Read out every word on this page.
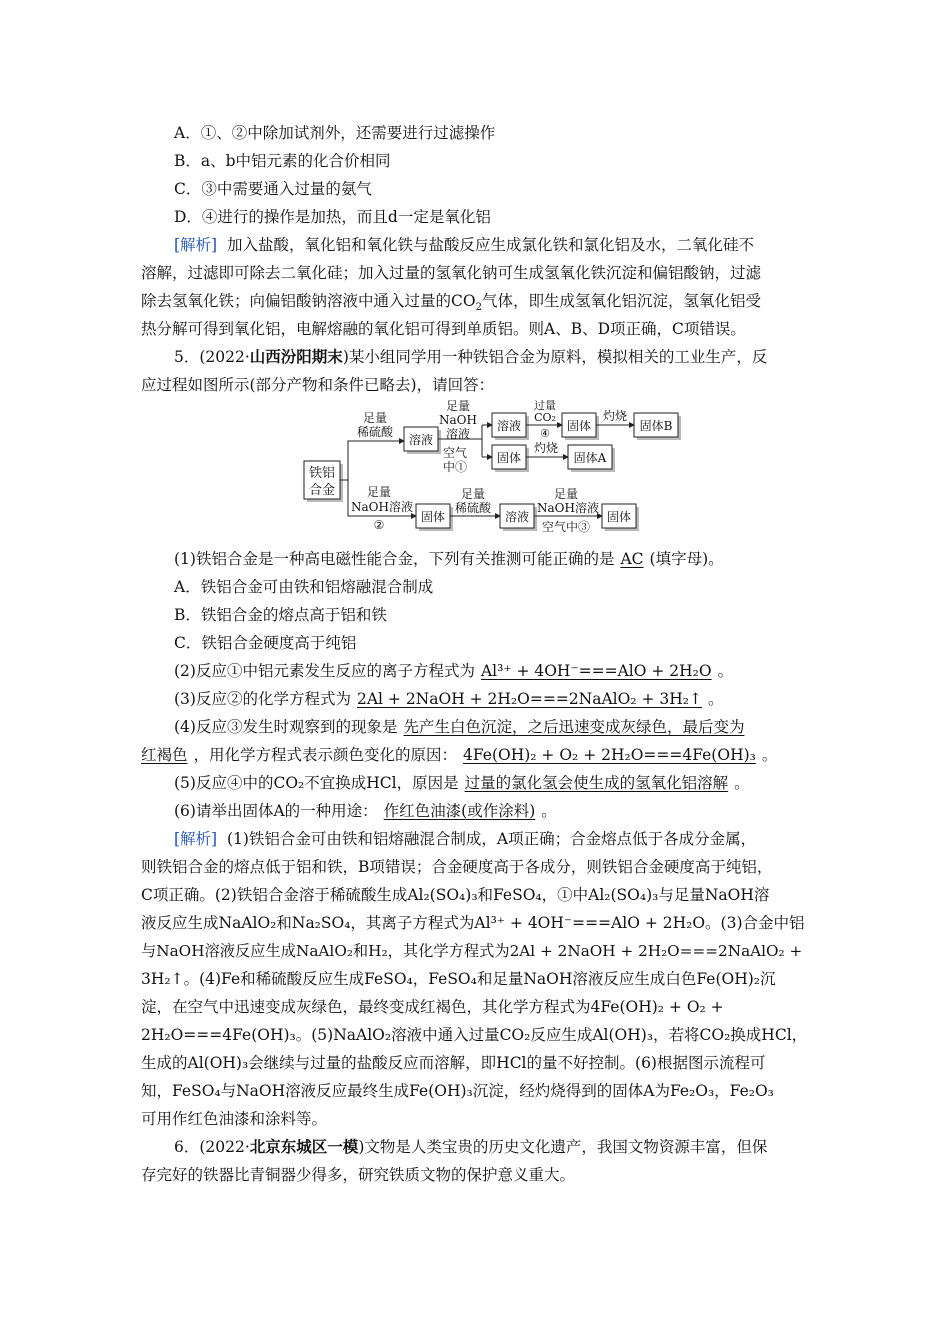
A．①、②中除加试剂外，还需要进行过滤操作
B．a、b中铝元素的化合价相同
C．③中需要通入过量的氨气
D．④进行的操作是加热，而且d一定是氧化铝
[解析] 加入盐酸，氧化铝和氧化铁与盐酸反应生成氯化铁和氯化铝及水，二氧化硅不
溶解，过滤即可除去二氧化硅；加入过量的氢氧化钠可生成氢氧化铁沉淀和偏铝酸钠，过滤
除去氢氧化铁；向偏铝酸钠溶液中通入过量的$CO_2$气体，即生成氢氧化铝沉淀，氢氧化铝受
热分解可得到氧化铝，电解熔融的氧化铝可得到单质铝。则A、B、D项正确，C项错误。
5．(2022·山西汾阳期末)某小组同学用一种铁铝合金为原料，模拟相关的工业生产，反
应过程如图所示(部分产物和条件已略去)，请回答：
铁铝
合金
足量
稀硫酸
溶液
足量
NaOH
溶液
空气
中①
溶液
固体
过量
CO₂
④
固体
灼烧
固体B
灼烧
固体A
足量
NaOH溶液
②
固体
足量
稀硫酸
溶液
足量
NaOH溶液
空气中③
固体
(1)铁铝合金是一种高电磁性能合金，下列有关推测可能正确的是 AC (填字母)。
A．铁铝合金可由铁和铝熔融混合制成
B．铁铝合金的熔点高于铝和铁
C．铁铝合金硬度高于纯铝
(2)反应①中铝元素发生反应的离子方程式为 Al³⁺ + 4OH⁻===AlO + 2H₂O 。
(3)反应②的化学方程式为 2Al + 2NaOH + 2H₂O===2NaAlO₂ + 3H₂↑ 。
(4)反应③发生时观察到的现象是 先产生白色沉淀，之后迅速变成灰绿色，最后变为
红褐色 ，用化学方程式表示颜色变化的原因： 4Fe(OH)₂ + O₂ + 2H₂O===4Fe(OH)₃ 。
(5)反应④中的CO₂不宜换成HCl，原因是 过量的氯化氢会使生成的氢氧化铝溶解 。
(6)请举出固体A的一种用途： 作红色油漆(或作涂料) 。
[解析] (1)铁铝合金可由铁和铝熔融混合制成，A项正确；合金熔点低于各成分金属，
则铁铝合金的熔点低于铝和铁，B项错误；合金硬度高于各成分，则铁铝合金硬度高于纯铝，
C项正确。(2)铁铝合金溶于稀硫酸生成Al₂(SO₄)₃和FeSO₄，①中Al₂(SO₄)₃与足量NaOH溶
液反应生成NaAlO₂和Na₂SO₄，其离子方程式为Al³⁺ + 4OH⁻===AlO + 2H₂O。(3)合金中铝
与NaOH溶液反应生成NaAlO₂和H₂，其化学方程式为2Al + 2NaOH + 2H₂O===2NaAlO₂ +
3H₂↑。(4)Fe和稀硫酸反应生成FeSO₄，FeSO₄和足量NaOH溶液反应生成白色Fe(OH)₂沉
淀，在空气中迅速变成灰绿色，最终变成红褐色，其化学方程式为4Fe(OH)₂ + O₂ +
2H₂O===4Fe(OH)₃。(5)NaAlO₂溶液中通入过量CO₂反应生成Al(OH)₃，若将CO₂换成HCl，
生成的Al(OH)₃会继续与过量的盐酸反应而溶解，即HCl的量不好控制。(6)根据图示流程可
知，FeSO₄与NaOH溶液反应最终生成Fe(OH)₃沉淀，经灼烧得到的固体A为Fe₂O₃，Fe₂O₃
可用作红色油漆和涂料等。
6．(2022·北京东城区一模)文物是人类宝贵的历史文化遗产，我国文物资源丰富，但保
存完好的铁器比青铜器少得多，研究铁质文物的保护意义重大。
